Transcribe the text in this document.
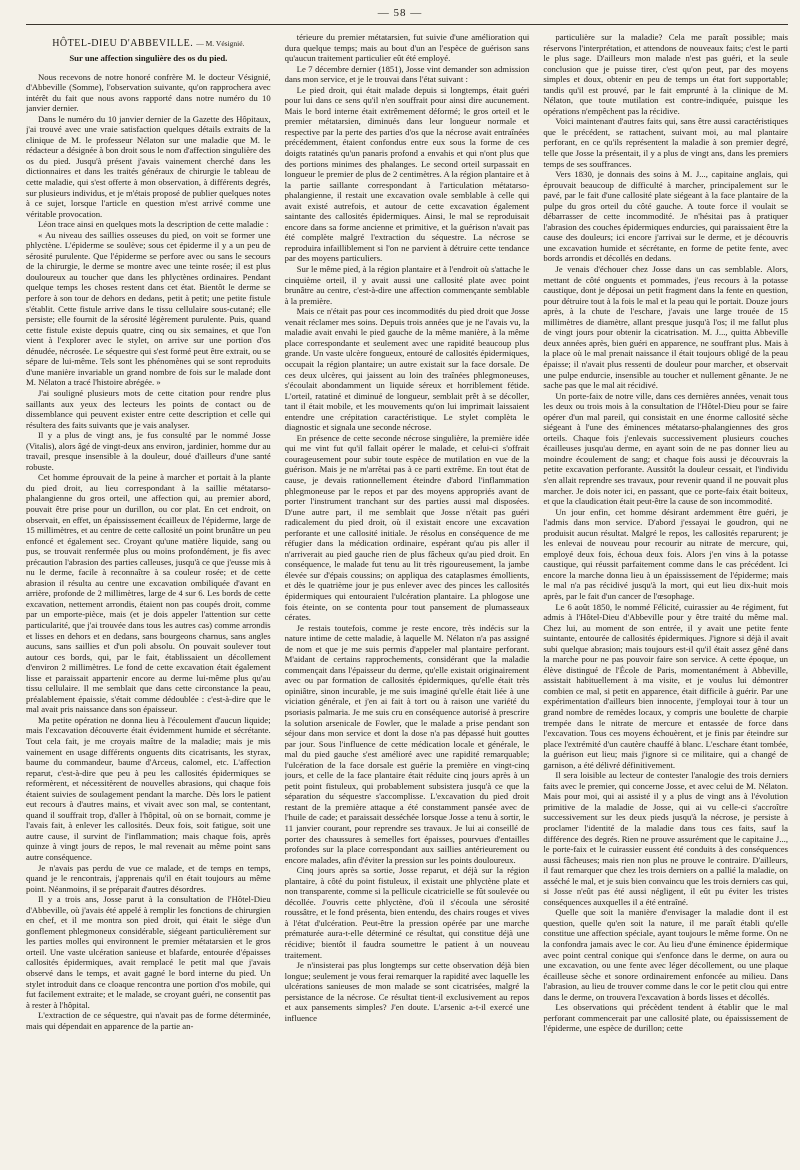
— 58 —
HÔTEL-DIEU D'ABBEVILLE. — M. Vésignié.
Sur une affection singulière des os du pied.

Nous recevons de notre honoré confrère M. le docteur Vésignié, d'Abbeville (Somme), l'observation suivante, qu'on rapprochera avec intérêt du fait que nous avons rapporté dans notre numéro du 10 janvier dernier.

Dans le numéro du 10 janvier dernier de la Gazette des Hôpitaux, j'ai trouvé avec une vraie satisfaction quelques détails extraits de la clinique de M. le professeur Nélaton sur une maladie que M. le rédacteur a désignée à bon droit sous le nom d'affection singulière des os du pied. Jusqu'à présent j'avais vainement cherché dans les dictionnaires et dans les traités généraux de chirurgie le tableau de cette maladie, qui s'est offerte à mon observation, à différents degrés, sur plusieurs individus, et je m'étais proposé de publier quelques notes à ce sujet, lorsque l'article en question m'est arrivé comme une véritable provocation.

Léon trace ainsi en quelques mots la description de cette maladie :

« Au niveau des saillies osseuses du pied, on voit se former une phlyctène. L'épiderme se soulève; sous cet épiderme il y a un peu de sérosité purulente. Que l'épiderme se perfore avec ou sans le secours de la chirurgie, le derme se montre avec une teinte rosée; il est plus douloureux au toucher que dans les phlyctènes ordinaires. Pendant quelque temps les choses restent dans cet état. Bientôt le derme se perfore à son tour de dehors en dedans, petit à petit; une petite fistule s'établit. Cette fistule arrive dans le tissu cellulaire sous-cutané; elle persiste; elle fournit de la sérosité légèrement purulente. Puis, quand cette fistule existe depuis quatre, cinq ou six semaines, et que l'on vient à l'explorer avec le stylet, on arrive sur une portion d'os dénudée, nécrosée. Le séquestre qui s'est formé peut être extrait, ou se sépare de lui-même. Tels sont les phénomènes qui se sont reproduits d'une manière invariable un grand nombre de fois sur le malade dont M. Nélaton a tracé l'histoire abrégée. »

J'ai souligné plusieurs mots de cette citation pour rendre plus saillants aux yeux des lecteurs les points de contact ou de dissemblance qui peuvent exister entre cette description et celle qui résultera des faits suivants que je vais analyser.

Il y a plus de vingt ans, je fus consulté par le nommé Josse (Vitalis), alors âgé de vingt-deux ans environ, jardinier, homme dur au travail, presque insensible à la douleur, doué d'ailleurs d'une santé robuste.

Cet homme éprouvait de la peine à marcher et portait à la plante du pied droit, au lieu correspondant à la saillie métatarso-phalangienne du gros orteil, une affection qui, au premier abord, pouvait être prise pour un durillon, ou cor plat. En cet endroit, on observait, en effet, un épaississement écailleux de l'épiderme, large de 15 millimètres, et au centre de cette callosité un point brunâtre un peu enfoncé et également sec. Croyant qu'une matière liquide, sang ou pus, se trouvait renfermée plus ou moins profondément, je fis avec précaution l'abrasion des parties calleuses, jusqu'à ce que j'eusse mis à nu le derme, facile à reconnaître à sa couleur rosée; et de cette abrasion il résulta au centre une excavation ombiliquée d'avant en arrière, profonde de 2 millimètres, large de 4 sur 6. Les bords de cette excavation, nettement arrondis, étaient non pas coupés droit, comme par un emporte-pièce, mais (et je dois appeler l'attention sur cette particularité, que j'ai trouvée dans tous les autres cas) comme arrondis et lisses en dehors et en dedans, sans bourgeons charnus, sans angles aucuns, sans saillies et d'un poli absolu. On pouvait soulever tout autour ces bords, qui, par le fait, établissaient un décollement d'environ 2 millimètres. Le fond de cette excavation était également lisse et paraissait appartenir encore au derme lui-même plus qu'au tissu cellulaire. Il me semblait que dans cette circonstance la peau, préalablement épaissie, s'était comme dédoublée : c'est-à-dire que le mal avait pris naissance dans son épaisseur.

Ma petite opération ne donna lieu à l'écoulement d'aucun liquide; mais l'excavation découverte était évidemment humide et sécrétante. Tout cela fait, je me croyais maître de la maladie; mais je mis vainement en usage différents onguents dits cicatrisants, les styrax, baume du commandeur, baume d'Arceus, calomel, etc. L'affection reparut, c'est-à-dire que peu à peu les callosités épidermiques se reformèrent, et nécessitèrent de nouvelles abrasions, qui chaque fois étaient suivies de soulagement pendant la marche. Dès lors le patient eut recours à d'autres mains, et vivait avec son mal, se contentant, quand il souffrait trop, d'aller à l'hôpital, où on se bornait, comme je l'avais fait, à enlever les callosités. Deux fois, soit fatigue, soit une autre cause, il survint de l'inflammation; mais chaque fois, après quinze à vingt jours de repos, le mal revenait au même point sans autre conséquence.

Je n'avais pas perdu de vue ce malade, et de temps en temps, quand je le rencontrais, j'apprenais qu'il en était toujours au même point. Néanmoins, il se préparait d'autres désordres.

Il y a trois ans, Josse parut à la consultation de l'Hôtel-Dieu d'Abbeville, où j'avais été appelé à remplir les fonctions de chirurgien en chef, et il me montra son pied droit, qui était le siège d'un gonflement phlegmoneux considérable, siégeant particulièrement sur les parties molles qui environnent le premier métatarsien et le gros orteil. Une vaste ulcération sanieuse et blafarde, entourée d'épaisses callosités épidermiques, avait remplacé le petit mal que j'avais observé dans le temps, et avait gagné le bord interne du pied. Un stylet introduit dans ce cloaque rencontra une portion d'os mobile, qui fut facilement extraite; et le malade, se croyant guéri, ne consentit pas à rester à l'hôpital.

L'extraction de ce séquestre, qui n'avait pas de forme déterminée, mais qui dépendait en apparence de la partie an-

térieure du premier métatarsien, fut suivie d'une amélioration qui dura quelque temps; mais au bout d'un an l'espèce de guérison sans qu'aucun traitement particulier eût été employé.

Le 7 décembre dernier (1851), Josse vint demander son admission dans mon service, et je le trouvai dans l'état suivant :

Le pied droit, qui était malade depuis si longtemps, était guéri pour lui dans ce sens qu'il n'en souffrait pour ainsi dire aucunement. Mais le bord interne était extrêmement déformé; le gros orteil et le premier métatarsien, diminués dans leur longueur normale et respective par la perte des parties d'os que la nécrose avait entraînées précédemment, étaient confondus entre eux sous la forme de ces doigts ratatinés qu'un panaris profond a envahis et qui n'ont plus que des portions minimes des phalanges. Le second orteil surpassait en longueur le premier de plus de 2 centimètres. A la région plantaire et à la partie saillante correspondant à l'articulation métatarso-phalangienne, il restait une excavation ovale semblable à celle qui avait existé autrefois, et autour de cette excavation également saintante des callosités épidermiques. Ainsi, le mal se reproduisait encore dans sa forme ancienne et primitive, et la guérison n'avait pas été complète malgré l'extraction du séquestre. La nécrose se reproduira infailliblement si l'on ne parvient à détruire cette tendance par des moyens particuliers.

Sur le même pied, à la région plantaire et à l'endroit où s'attache le cinquième orteil, il y avait aussi une callosité plate avec point brunâtre au centre, c'est-à-dire une affection commençante semblable à la première.

Mais ce n'était pas pour ces incommodités du pied droit que Josse venait réclamer mes soins. Depuis trois années que je ne l'avais vu, la maladie avait envahi le pied gauche de la même manière, à la même place correspondante et seulement avec une rapidité beaucoup plus grande. Un vaste ulcère fongueux, entouré de callosités épidermiques, occupait la région plantaire; un autre existait sur la face dorsale. De ces deux ulcères, qui jaissent au loin des traînées phlegmoneuses, s'écoulait abondamment un liquide séreux et horriblement fétide. L'orteil, ratatiné et diminué de longueur, semblait prêt à se décoller, tant il était mobile, et les mouvements qu'on lui imprimait laissaient entendre une crépitation caractéristique. Le stylet complèta le diagnostic et signala une seconde nécrose.

En présence de cette seconde nécrose singulière, la première idée qui me vint fut qu'il fallait opérer le malade, et celui-ci s'offrait courageusement pour subir toute espèce de mutilation en vue de la guérison. Mais je ne m'arrêtai pas à ce parti extrême. En tout état de cause, je devais rationnellement éteindre d'abord l'inflammation phlegmoneuse par le repos et par des moyens appropriés avant de porter l'instrument tranchant sur des parties aussi mal disposées. D'une autre part, il me semblait que Josse n'était pas guéri radicalement du pied droit, où il existait encore une excavation perforante et une callosité initiale. Je résolus en conséquence de me réfugier dans la médication ordinaire, espérant qu'au pis aller il n'arriverait au pied gauche rien de plus fâcheux qu'au pied droit. En conséquence, le malade fut tenu au lit très rigoureusement, la jambe élevée sur d'épais coussins; on appliqua des cataplasmes émollients, et dès le quatrième jour je pus enlever avec des pinces les callosités épidermiques qui entouraient l'ulcération plantaire. La phlogose une fois éteinte, on se contenta pour tout pansement de plumasseaux cérates.

Je restais toutefois, comme je reste encore, très indécis sur la nature intime de cette maladie, à laquelle M. Nélaton n'a pas assigné de nom et que je me suis permis d'appeler mal plantaire perforant. M'aidant de certains rapprochements, considérant que la maladie commençait dans l'épaisseur du derme, qu'elle existait originairement avec ou par formation de callosités épidermiques, qu'elle était très opiniâtre, sinon incurable, je me suis imaginé qu'elle était liée à une viciation générale, et j'en ai fait à tort ou à raison une variété du psoriasis palmaria. Je me suis cru en conséquence autorisé à prescrire la solution arsenicale de Fowler, que le malade a prise pendant son séjour dans mon service et dont la dose n'a pas dépassé huit gouttes par jour. Sous l'influence de cette médication locale et générale, le mal du pied gauche s'est amélioré avec une rapidité remarquable; l'ulcération de la face dorsale est guérie la première en vingt-cinq jours, et celle de la face plantaire était réduite cinq jours après à un petit point fistuleux, qui probablement subsistera jusqu'à ce que la séparation du séquestre s'accomplisse. L'excavation du pied droit restant de la première attaque a été constamment pansée avec de l'huile de cade; et paraissait desséchée lorsque Josse a tenu à sortir, le 11 janvier courant, pour reprendre ses travaux. Je lui ai conseillé de porter des chaussures à semelles fort épaisses, pourvues d'entailles profondes sur la place correspondant aux saillies antérieurement ou encore malades, afin d'éviter la pression sur les points douloureux.

Cinq jours après sa sortie, Josse reparut, et déjà sur la région plantaire, à côté du point fistuleux, il existait une phlyctène plate et non transparente, comme si la pellicule cicatricielle se fût soulevée ou décollée. J'ouvris cette phlyctène, d'où il s'écoula une sérosité roussâtre, et le fond présenta, bien entendu, des chairs rouges et vives à l'état d'ulcération. Peut-être la pression opérée par une marche prématurée aura-t-elle déterminé ce résultat, qui constitue déjà une récidive; bientôt il faudra soumettre le patient à un nouveau traitement.

Je n'insisterai pas plus longtemps sur cette observation déjà bien longue; seulement je vous ferai remarquer la rapidité avec laquelle les ulcérations sanieuses de mon malade se sont cicatrisées, malgré la persistance de la nécrose. Ce résultat tient-il exclusivement au repos et aux pansements simples? J'en doute. L'arsenic a-t-il exercé une influence

particulière sur la maladie? Cela me paraît possible; mais réservons l'interprétation, et attendons de nouveaux faits; c'est le parti le plus sage. D'ailleurs mon malade n'est pas guéri, et la seule conclusion que je puisse tirer, c'est qu'on peut, par des moyens simples et doux, obtenir en peu de temps un état fort supportable; tandis qu'il est prouvé, par le fait emprunté à la clinique de M. Nélaton, que toute mutilation est contre-indiquée, puisque les opérations n'empêchent pas la récidive.

Voici maintenant d'autres faits qui, sans être aussi caractéristiques que le précédent, se rattachent, suivant moi, au mal plantaire perforant, en ce qu'ils représentent la maladie à son premier degré, telle que Josse la présentait, il y a plus de vingt ans, dans les premiers temps de ses souffrances.

Vers 1830, je donnais des soins à M. J..., capitaine anglais, qui éprouvait beaucoup de difficulté à marcher, principalement sur le pavé, par le fait d'une callosité plate siégeant à la face plantaire de la pulpe du gros orteil du côté gauche. A toute force il voulait se débarrasser de cette incommodité. Je n'hésitai pas à pratiquer l'abrasion des couches épidermiques endurcies, qui paraissaient être la cause des douleurs; ici encore j'arrivai sur le derme, et je découvris une excavation humide et sécrétante, en forme de petite fente, avec bords arrondis et décollés en dedans.

Je venais d'échouer chez Josse dans un cas semblable. Alors, mettant de côté onguents et pommades, j'eus recours à la potasse caustique, dont je déposai un petit fragment dans la fente en question, pour détruire tout à la fois le mal et la peau qui le portait. Douze jours après, à la chute de l'eschare, j'avais une large trouée de 15 millimètres de diamètre, allant presque jusqu'à l'os; il me fallut plus de vingt jours pour obtenir la cicatrisation. M. J..., quitta Abbeville deux années après, bien guéri en apparence, ne souffrant plus. Mais à la place où le mal prenait naissance il était toujours obligé de la peau épaisse; il n'avait plus ressenti de douleur pour marcher, et observait une pulpe endurcie, insensible au toucher et nullement gênante. Je ne sache pas que le mal ait récidivé.

Un porte-faix de notre ville, dans ces dernières années, venait tous les deux ou trois mois à la consultation de l'Hôtel-Dieu pour se faire opérer d'un mal pareil, qui consistait en une énorme callosité sèche siégeant à l'une des éminences métatarso-phalangiennes des gros orteils. Chaque fois j'enlevais successivement plusieurs couches écailleuses jusqu'au derme, en ayant soin de ne pas donner lieu au moindre écoulement de sang; et chaque fois aussi je découvrais la petite excavation perforante. Aussitôt la douleur cessait, et l'individu s'en allait reprendre ses travaux, pour revenir quand il ne pouvait plus marcher. Je dois noter ici, en passant, que ce porte-faix était boiteux, et que la claudication était peut-être la cause de son incommodité.

Un jour enfin, cet homme désirant ardemment être guéri, je l'admis dans mon service. D'abord j'essayai le goudron, qui ne produisit aucun résultat. Malgré le repos, les callosités reparurent; je les enlevai de nouveau pour recourir au nitrate de mercure, qui, employé deux fois, échoua deux fois. Alors j'en vins à la potasse caustique, qui réussit parfaitement comme dans le cas précédent. Ici encore la marche donna lieu à un épaississement de l'épiderme; mais le mal n'a pas récidivé jusqu'à la mort, qui eut lieu dix-huit mois après, par le fait d'un cancer de l'œsophage.

Le 6 août 1850, le nommé Félicité, cuirassier au 4e régiment, fut admis à l'Hôtel-Dieu d'Abbeville pour y être traité du même mal. Chez lui, au moment de son entrée, il y avait une petite fente suintante, entourée de callosités épidermiques. J'ignore si déjà il avait subi quelque abrasion; mais toujours est-il qu'il était assez gêné dans la marche pour ne pas pouvoir faire son service. A cette époque, un élève distingué de l'École de Paris, momentanément à Abbeville, assistait habituellement à ma visite, et je voulus lui démontrer combien ce mal, si petit en apparence, était difficile à guérir. Par une expérimentation d'ailleurs bien innocente, j'employai tour à tour un grand nombre de remèdes locaux, y compris une boulette de charpie trempée dans le nitrate de mercure et entassée de force dans l'excavation. Tous ces moyens échouèrent, et je finis par éteindre sur place l'extrémité d'un cautère chauffé à blanc. L'eschare étant tombée, la guérison eut lieu; mais j'ignore si ce militaire, qui a changé de garnison, a été délivré définitivement.

Il sera loisible au lecteur de contester l'analogie des trois derniers faits avec le premier, qui concerne Josse, et avec celui de M. Nélaton. Mais pour moi, qui ai assisté il y a plus de vingt ans à l'évolution primitive de la maladie de Josse, qui ai vu celle-ci s'accroître successivement sur les deux pieds jusqu'à la nécrose, je persiste à proclamer l'identité de la maladie dans tous ces faits, sauf la différence des degrés. Rien ne prouve assurément que le capitaine J..., le porte-faix et le cuirassier eussent été conduits à des conséquences aussi fâcheuses; mais rien non plus ne prouve le contraire. D'ailleurs, il faut remarquer que chez les trois derniers on a pallié la maladie, on asséché le mal, et je suis bien convaincu que les trois derniers cas qui, si Josse n'eût pas été aussi négligent, il eût pu éviter les tristes conséquences auxquelles il a été entraîné.

Quelle que soit la manière d'envisager la maladie dont il est question, quelle qu'en soit la nature, il me paraît établi qu'elle constitue une affection spéciale, ayant toujours le même forme. On ne la confondra jamais avec le cor. Au lieu d'une éminence épidermique avec point central conique qui s'enfonce dans le derme, on aura ou une excavation, ou une fente avec léger décollement, ou une plaque écailleuse sèche et sonore ordinairement enfoncée au milieu. Dans l'abrasion, au lieu de trouver comme dans le cor le petit clou qui entre dans le derme, on trouvera l'excavation à bords lisses et décollés.

Les observations qui précèdent tendent à établir que le mal perforant commencerait par une callosité plate, ou épaississement de l'épiderme, une espèce de durillon; cette
